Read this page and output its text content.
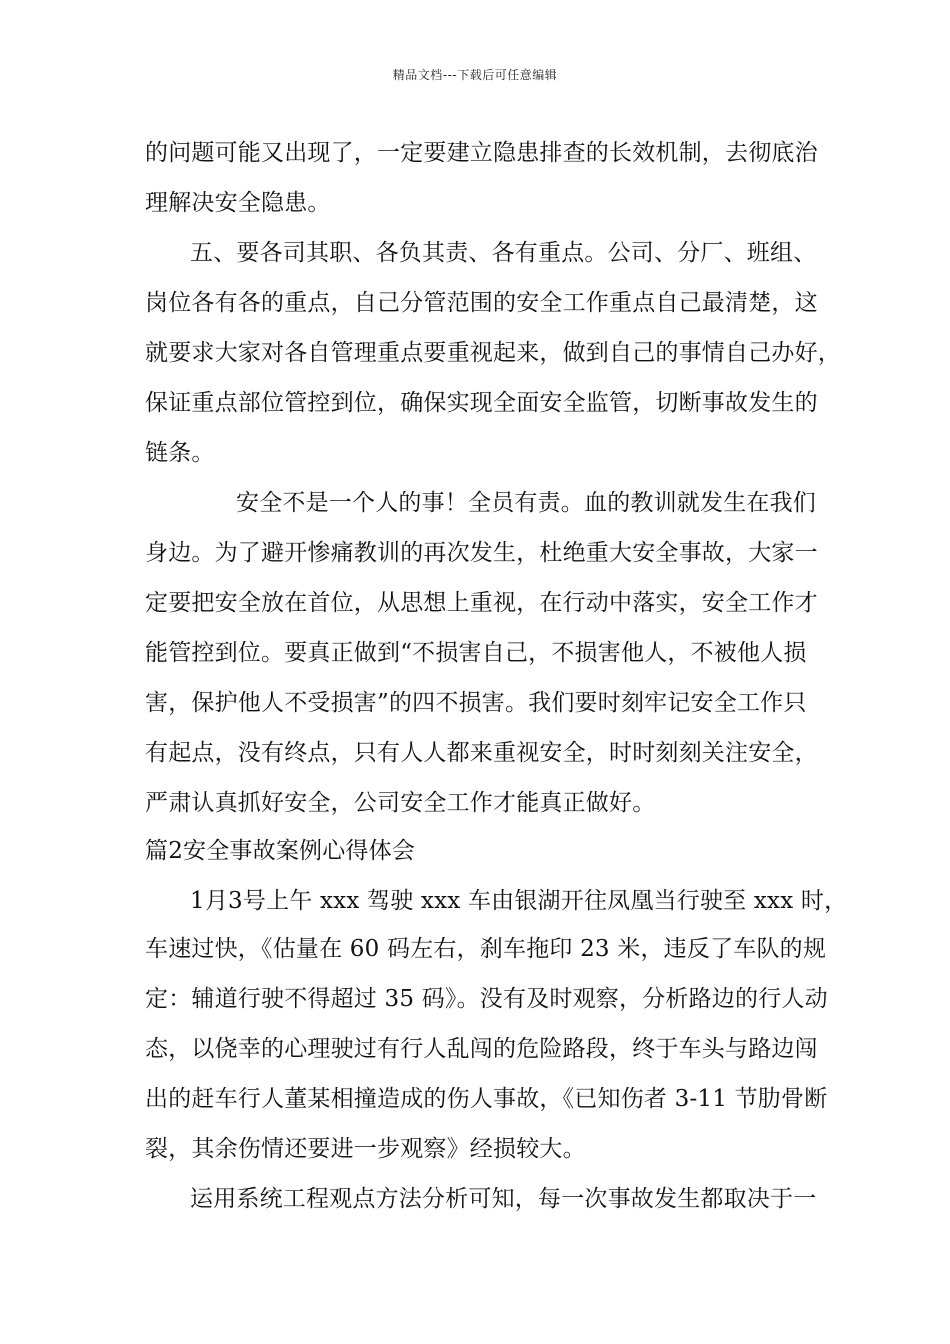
精品文档---下载后可任意编辑
的问题可能又出现了，一定要建立隐患排查的长效机制，去彻底治
理解决安全隐患。
五、要各司其职、各负其责、各有重点。公司、分厂、班组、
岗位各有各的重点，自己分管范围的安全工作重点自己最清楚，这
就要求大家对各自管理重点要重视起来，做到自己的事情自己办好，
保证重点部位管控到位，确保实现全面安全监管，切断事故发生的
链条。
安全不是一个人的事！全员有责。血的教训就发生在我们
身边。为了避开惨痛教训的再次发生，杜绝重大安全事故，大家一
定要把安全放在首位，从思想上重视，在行动中落实，安全工作才
能管控到位。要真正做到“不损害自己，不损害他人，不被他人损
害，保护他人不受损害”的四不损害。我们要时刻牢记安全工作只
有起点，没有终点，只有人人都来重视安全，时时刻刻关注安全，
严肃认真抓好安全，公司安全工作才能真正做好。
篇2安全事故案例心得体会
1月3号上午 xxx 驾驶 xxx 车由银湖开往凤凰当行驶至 xxx 时，
车速过快，《估量在 60 码左右，刹车拖印 23 米，违反了车队的规
定：辅道行驶不得超过 35 码》。没有及时观察，分析路边的行人动
态，以侥幸的心理驶过有行人乱闯的危险路段，终于车头与路边闯
出的赶车行人董某相撞造成的伤人事故，《已知伤者 3-11 节肋骨断
裂，其余伤情还要进一步观察》经损较大。
运用系统工程观点方法分析可知，每一次事故发生都取决于一
